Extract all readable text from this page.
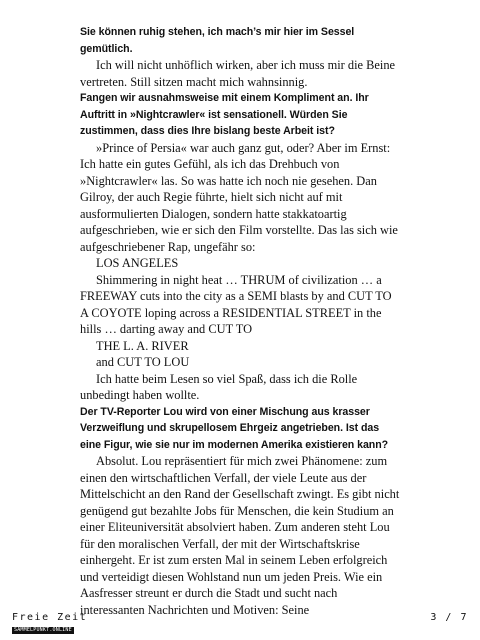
Sie können ruhig stehen, ich mach’s mir hier im Sessel gemütlich.

Ich will nicht unhöflich wirken, aber ich muss mir die Beine vertreten. Still sitzen macht mich wahnsinnig.

Fangen wir ausnahmsweise mit einem Kompliment an. Ihr Auftritt in »Nightcrawler« ist sensationell. Würden Sie zustimmen, dass dies Ihre bislang beste Arbeit ist?

»Prince of Persia« war auch ganz gut, oder? Aber im Ernst: Ich hatte ein gutes Gefühl, als ich das Drehbuch von »Nightcrawler« las. So was hatte ich noch nie gesehen. Dan Gilroy, der auch Regie führte, hielt sich nicht auf mit ausformulierten Dialogen, sondern hatte stakkatoartig aufgeschrieben, wie er sich den Film vorstellte. Das las sich wie aufgeschriebener Rap, ungefähr so:

LOS ANGELES

Shimmering in night heat … THRUM of civilization … a FREEWAY cuts into the city as a SEMI blasts by and CUT TO A COYOTE loping across a RESIDENTIAL STREET in the hills … darting away and CUT TO

THE L. A. RIVER

and CUT TO LOU

Ich hatte beim Lesen so viel Spaß, dass ich die Rolle unbedingt haben wollte.

Der TV-Reporter Lou wird von einer Mischung aus krasser Verzweiflung und skrupellosem Ehrgeiz angetrieben. Ist das eine Figur, wie sie nur im modernen Amerika existieren kann?

Absolut. Lou repräsentiert für mich zwei Phänomene: zum einen den wirtschaftlichen Verfall, der viele Leute aus der Mittelschicht an den Rand der Gesellschaft zwingt. Es gibt nicht genügend gut bezahlte Jobs für Menschen, die kein Studium an einer Eliteuniversität absolviert haben. Zum anderen steht Lou für den moralischen Verfall, der mit der Wirtschaftskrise einhergeht. Er ist zum ersten Mal in seinem Leben erfolgreich und verteidigt diesen Wohlstand nun um jeden Preis. Wie ein Aasfresser streunt er durch die Stadt und sucht nach interessanten Nachrichten und Motiven: Seine

Freie Zeit	3 / 7
SAMMELPUNKT.ONLINE
